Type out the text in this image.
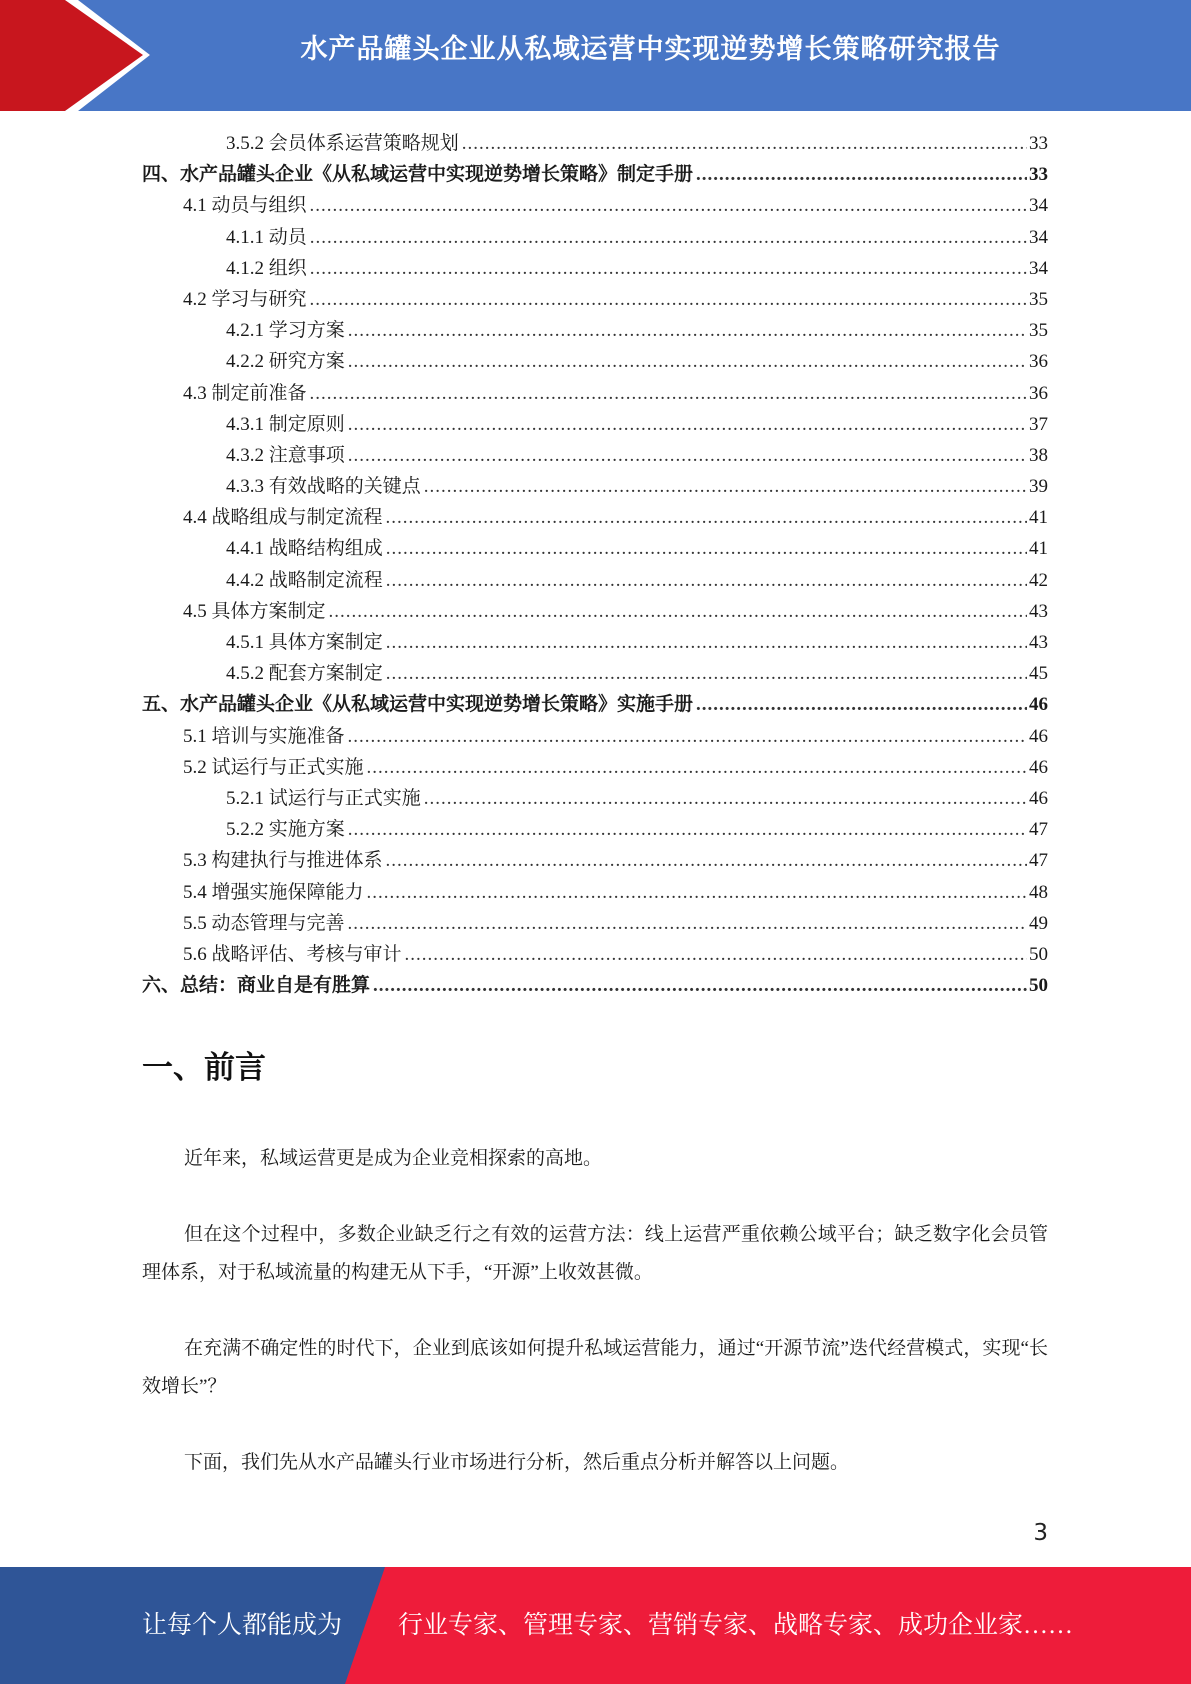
水产品罐头企业从私域运营中实现逆势增长策略研究报告
3.5.2 会员体系运营策略规划 .....	33
四、水产品罐头企业《从私域运营中实现逆势增长策略》制定手册 .....	33
4.1 动员与组织 .....	34
4.1.1 动员 .....	34
4.1.2 组织 .....	34
4.2 学习与研究 .....	35
4.2.1 学习方案 .....	35
4.2.2 研究方案 .....	36
4.3 制定前准备 .....	36
4.3.1 制定原则 .....	37
4.3.2 注意事项 .....	38
4.3.3 有效战略的关键点 .....	39
4.4 战略组成与制定流程 .....	41
4.4.1 战略结构组成 .....	41
4.4.2 战略制定流程 .....	42
4.5 具体方案制定 .....	43
4.5.1 具体方案制定 .....	43
4.5.2 配套方案制定 .....	45
五、水产品罐头企业《从私域运营中实现逆势增长策略》实施手册 .....	46
5.1 培训与实施准备 .....	46
5.2 试运行与正式实施 .....	46
5.2.1 试运行与正式实施 .....	46
5.2.2 实施方案 .....	47
5.3 构建执行与推进体系 .....	47
5.4 增强实施保障能力 .....	48
5.5 动态管理与完善 .....	49
5.6 战略评估、考核与审计 .....	50
六、总结：商业自是有胜算 .....	50
一、前言

近年来，私域运营更是成为企业竞相探索的高地。

但在这个过程中，多数企业缺乏行之有效的运营方法：线上运营严重依赖公域平台；缺乏数字化会员管理体系，对于私域流量的构建无从下手，“开源”上收效甚微。

在充满不确定性的时代下，企业到底该如何提升私域运营能力，通过“开源节流”迭代经营模式，实现“长效增长”？

下面，我们先从水产品罐头行业市场进行分析，然后重点分析并解答以上问题。

3
让每个人都能成为 行业专家、管理专家、营销专家、战略专家、成功企业家……
